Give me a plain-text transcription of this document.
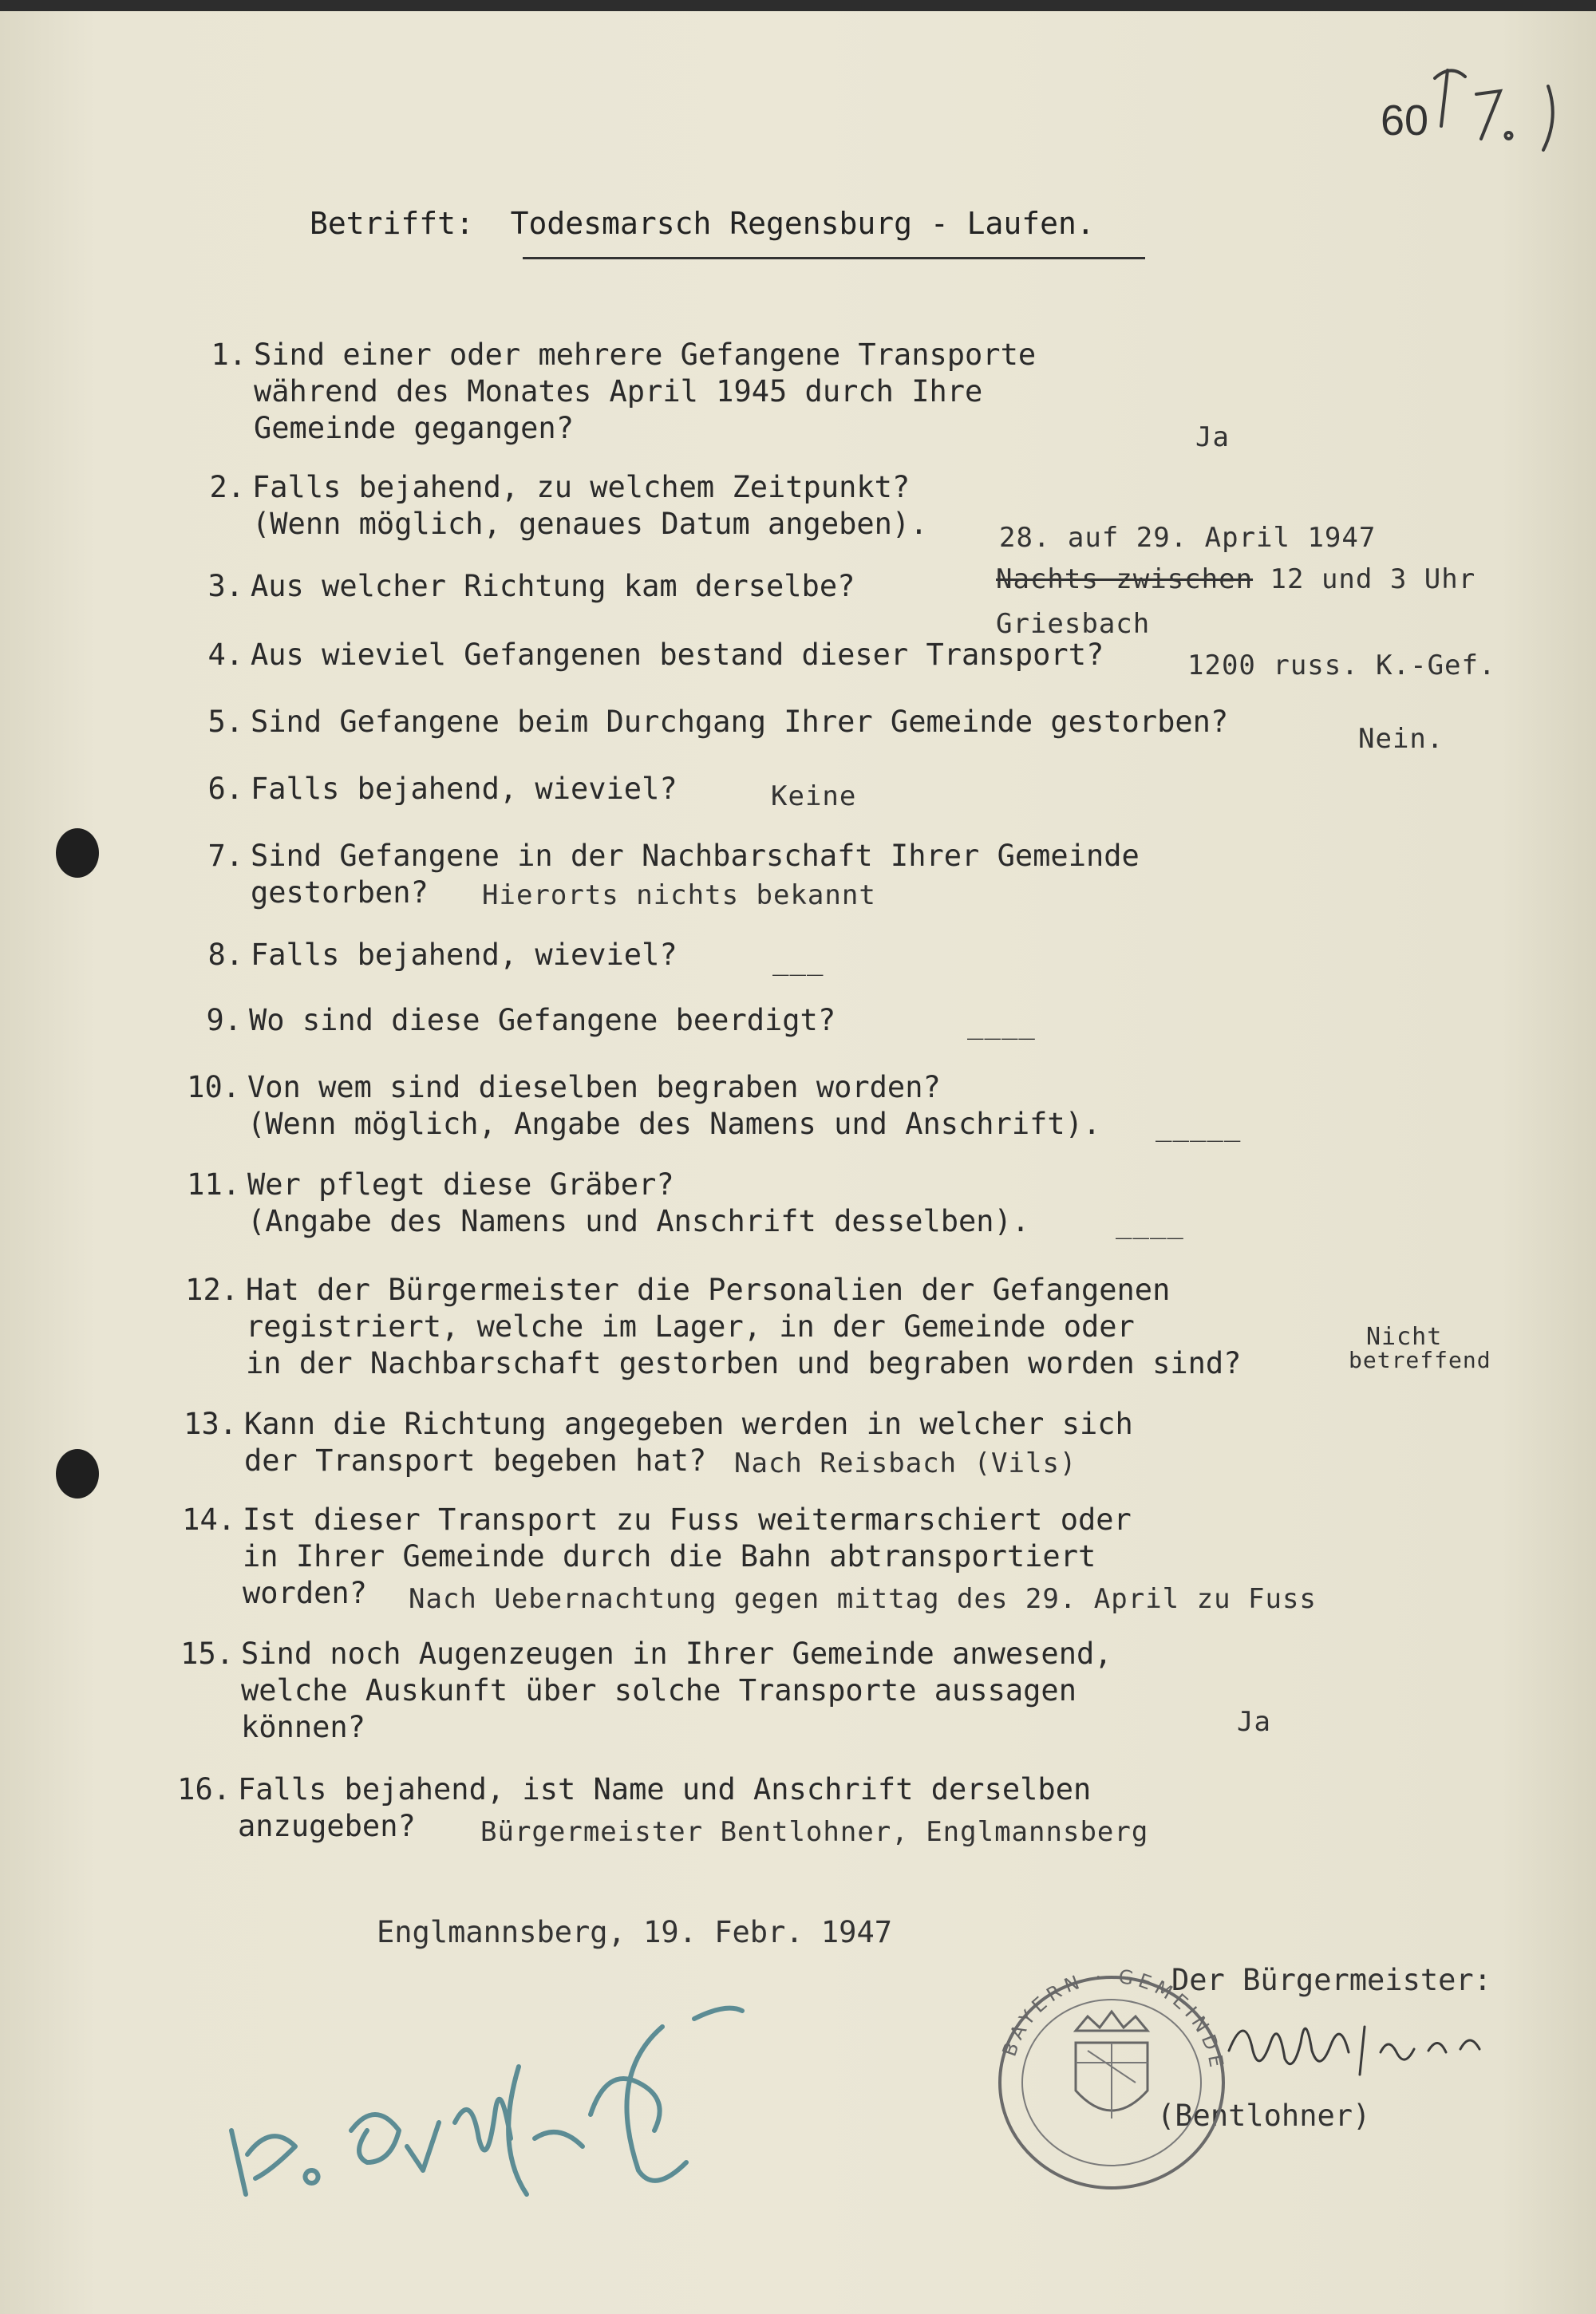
60
Betrifft: Todesmarsch Regensburg - Laufen.
1. Sind einer oder mehrere Gefangene Transporte
während des Monates April 1945 durch Ihre
Gemeinde gegangen?	Ja
2. Falls bejahend, zu welchem Zeitpunkt?
(Wenn möglich, genaues Datum angeben).	28. auf 29. April 1947
3. Aus welcher Richtung kam derselbe?	Nachts zwischen 12 und 3 Uhr
Griesbach
4. Aus wieviel Gefangenen bestand dieser Transport?	1200 russ. K.-Gef.
5. Sind Gefangene beim Durchgang Ihrer Gemeinde gestorben?	Nein.
6. Falls bejahend, wieviel?	Keine
7. Sind Gefangene in der Nachbarschaft Ihrer Gemeinde
gestorben?	Hierorts nichts bekannt
8. Falls bejahend, wieviel?	___
9. Wo sind diese Gefangene beerdigt?	____
10. Von wem sind dieselben begraben worden?
(Wenn möglich, Angabe des Namens und Anschrift). _____
11. Wer pflegt diese Gräber?
(Angabe des Namens und Anschrift desselben).	____
12. Hat der Bürgermeister die Personalien der Gefangenen
registriert, welche im Lager, in der Gemeinde oder
in der Nachbarschaft gestorben und begraben worden sind?
Nicht
betreffend
13. Kann die Richtung angegeben werden in welcher sich
der Transport begeben hat?	Nach Reisbach (Vils)
14. Ist dieser Transport zu Fuss weitermarschiert oder
in Ihrer Gemeinde durch die Bahn abtransportiert
worden?	Nach Uebernachtung gegen mittag des 29. April zu Fuss
15. Sind noch Augenzeugen in Ihrer Gemeinde anwesend,
welche Auskunft über solche Transporte aussagen
können?	Ja
16. Falls bejahend, ist Name und Anschrift derselben
anzugeben?	Bürgermeister Bentlohner, Englmannsberg
Englmannsberg, 19. Febr. 1947
Der Bürgermeister:
(Bentlohner)
BAYERN · GEMEINDE
